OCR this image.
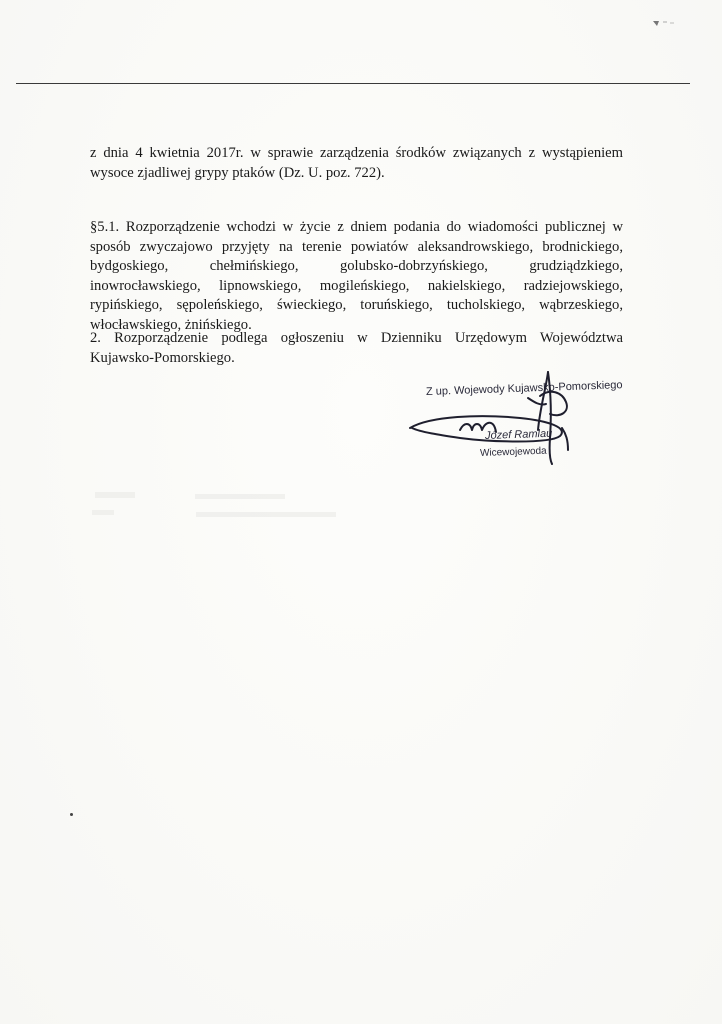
z dnia 4 kwietnia 2017r. w sprawie zarządzenia środków związanych z wystąpieniem wysoce zjadliwej grypy ptaków (Dz. U. poz. 722).

§5.1. Rozporządzenie wchodzi w życie z dniem podania do wiadomości publicznej w sposób zwyczajowo przyjęty na terenie powiatów aleksandrowskiego, brodnickiego, bydgoskiego, chełmińskiego, golubsko-dobrzyńskiego, grudziądzkiego, inowrocławskiego, lipnowskiego, mogileńskiego, nakielskiego, radziejowskiego, rypińskiego, sępoleńskiego, świeckiego, toruńskiego, tucholskiego, wąbrzeskiego, włocławskiego, żnińskiego.

2. Rozporządzenie podlega ogłoszeniu w Dzienniku Urzędowym Województwa Kujawsko-Pomorskiego.

Z up. Wojewody Kujawsko-Pomorskiego
Józef Ramlau
Wicewojewoda
